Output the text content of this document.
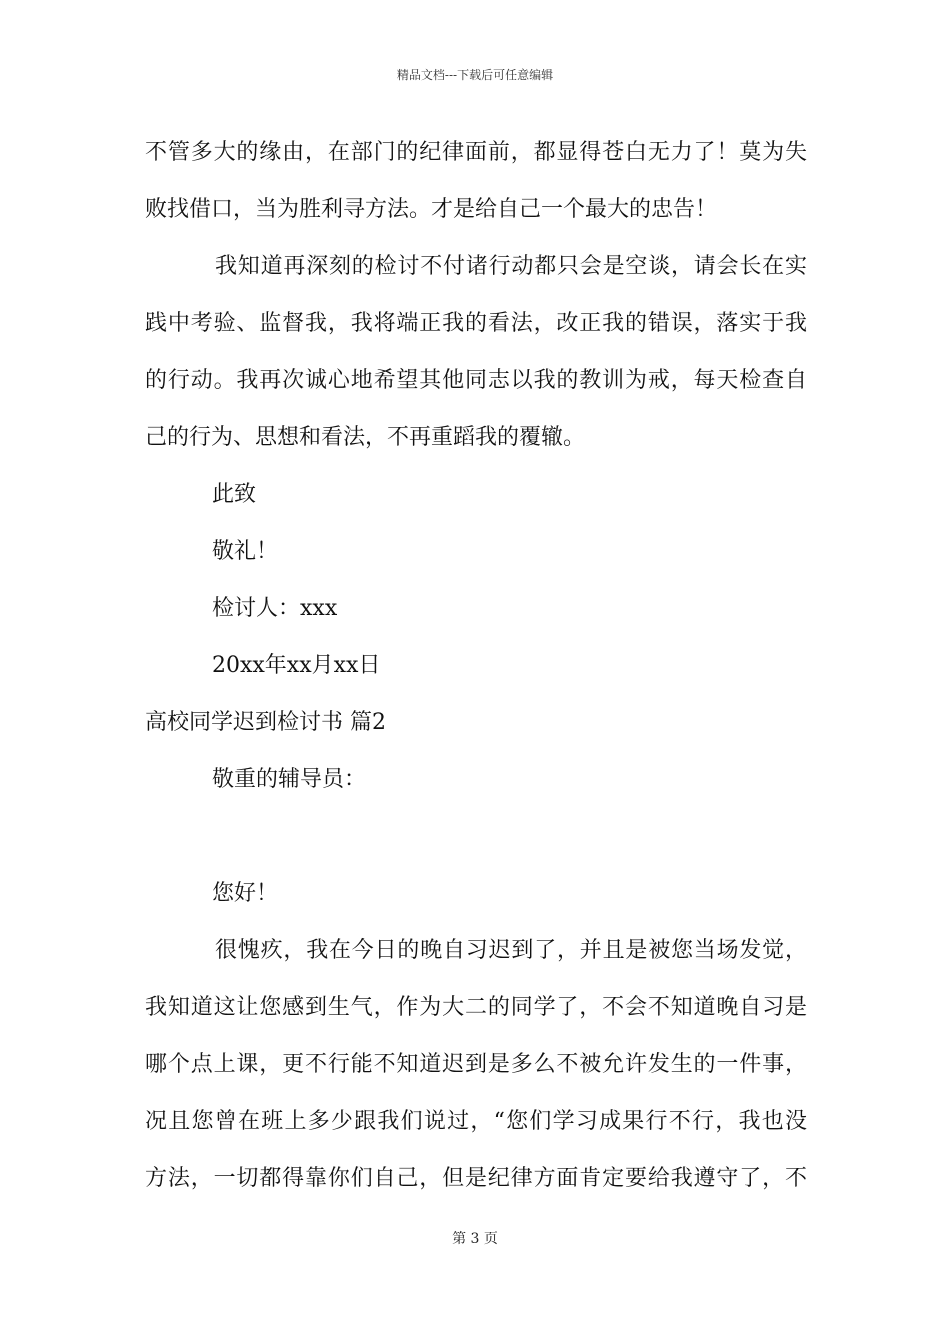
精品文档---下载后可任意编辑
不管多大的缘由，在部门的纪律面前，都显得苍白无力了！莫为失
败找借口，当为胜利寻方法。才是给自己一个最大的忠告！
我知道再深刻的检讨不付诸行动都只会是空谈，请会长在实
践中考验、监督我，我将端正我的看法，改正我的错误，落实于我
的行动。我再次诚心地希望其他同志以我的教训为戒，每天检查自
己的行为、思想和看法，不再重蹈我的覆辙。
此致
敬礼！
检讨人：xxx
20xx年xx月xx日
高校同学迟到检讨书 篇2
敬重的辅导员：
您好！
很愧疚，我在今日的晚自习迟到了，并且是被您当场发觉，
我知道这让您感到生气，作为大二的同学了，不会不知道晚自习是
哪个点上课，更不行能不知道迟到是多么不被允许发生的一件事，
况且您曾在班上多少跟我们说过，“您们学习成果行不行，我也没
方法，一切都得靠你们自己，但是纪律方面肯定要给我遵守了，不
第 3 页
